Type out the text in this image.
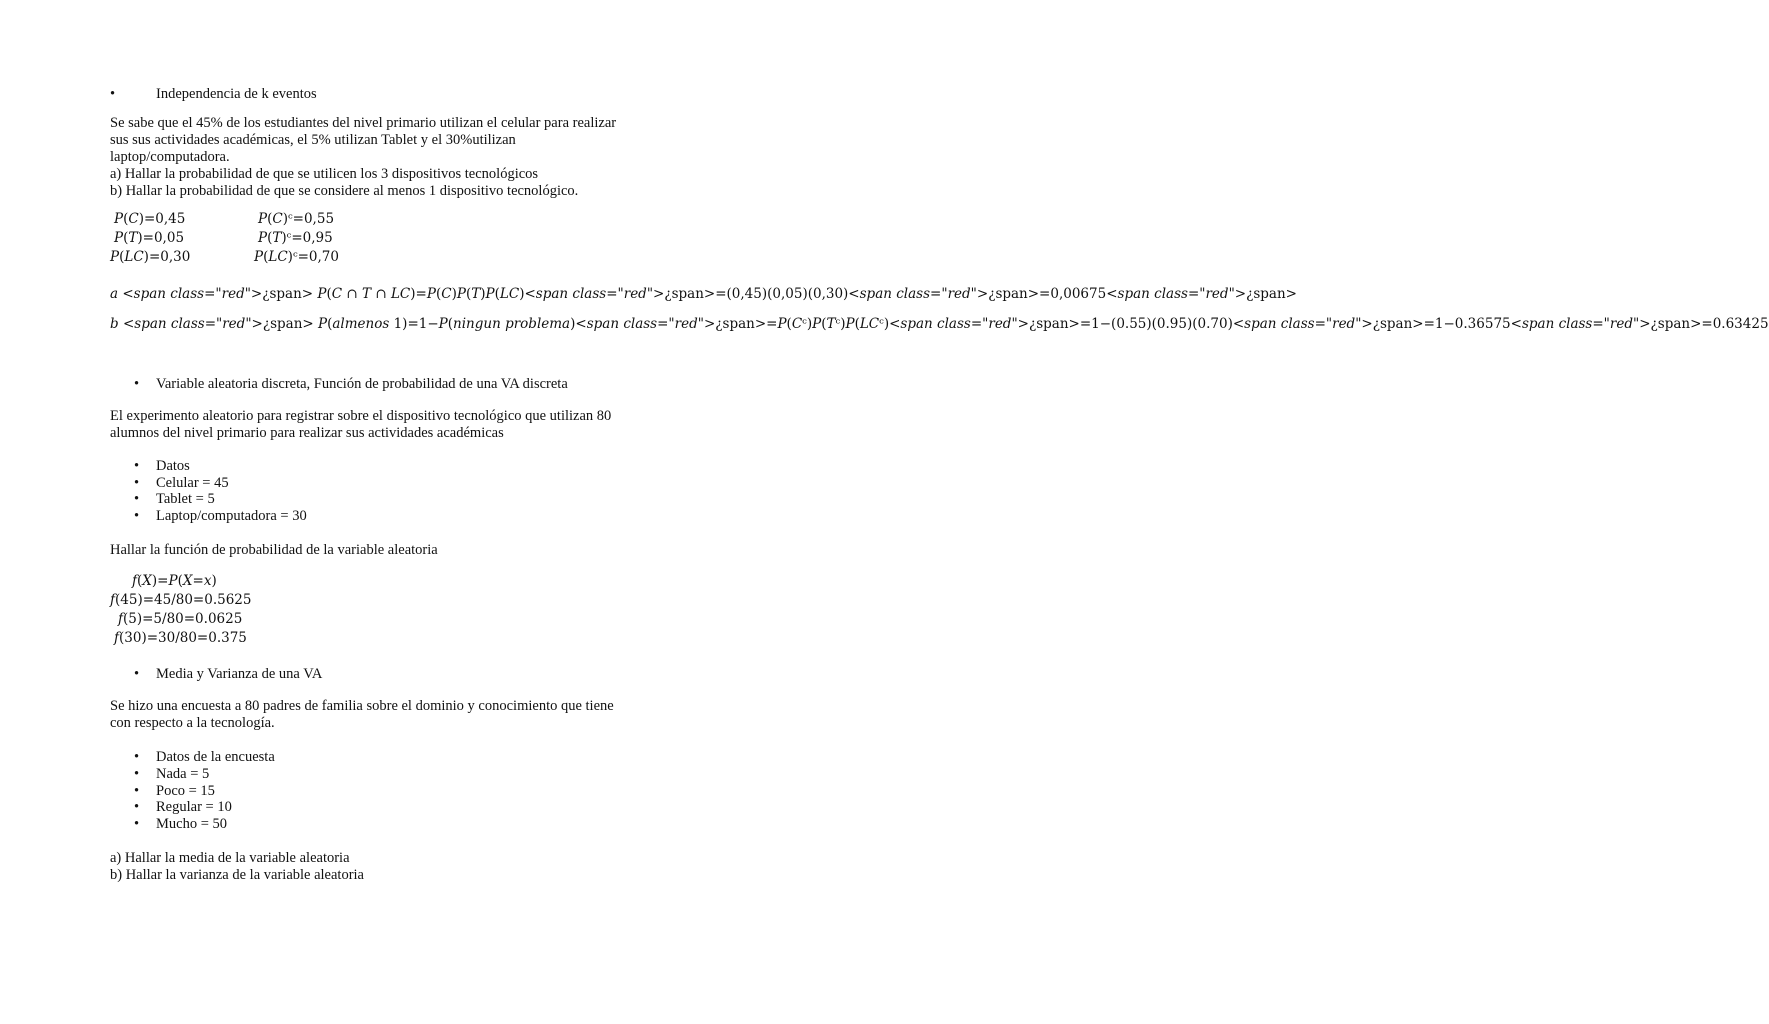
•	Independencia de k eventos

Se sabe que el 45% de los estudiantes del nivel primario utilizan el celular para realizar

sus sus actividades académicas, el 5% utilizan Tablet y el 30%utilizan

laptop/computadora.

a) Hallar la probabilidad de que se utilicen los 3 dispositivos tecnológicos

b) Hallar la probabilidad de que se considere al menos 1 dispositivo tecnológico.

P(C)=0,45
P(T)=0,05
P(LC)=0,30
P(C)ᶜ=0,55
P(T)ᶜ=0,95
P(LC)ᶜ=0,70
a <span class="red">¿span> P(C ∩ T ∩ LC)=P(C)P(T)P(LC)<span class="red">¿span>=(0,45)(0,05)(0,30)<span class="red">¿span>=0,00675<span class="red">¿span>
b <span class="red">¿span> P(almenos 1)=1−P(ningun problema)<span class="red">¿span>=P(Cᶜ)P(Tᶜ)P(LCᶜ)<span class="red">¿span>=1−(0.55)(0.95)(0.70)<span class="red">¿span>=1−0.36575<span class="red">¿span>=0.63425
• Variable aleatoria discreta, Función de probabilidad de una VA discreta

El experimento aleatorio para registrar sobre el dispositivo tecnológico que utilizan 80

alumnos del nivel primario para realizar sus actividades académicas

• Datos
• Celular = 45
• Tablet = 5
• Laptop/computadora = 30

Hallar la función de probabilidad de la variable aleatoria

f(X)=P(X=x)
f(45)=45/80=0.5625
f(5)=5/80=0.0625
f(30)=30/80=0.375
• Media y Varianza de una VA

Se hizo una encuesta a 80 padres de familia sobre el dominio y conocimiento que tiene

con respecto a la tecnología.

• Datos de la encuesta
• Nada = 5
• Poco = 15
• Regular = 10
• Mucho = 50

a) Hallar la media de la variable aleatoria

b) Hallar la varianza de la variable aleatoria
